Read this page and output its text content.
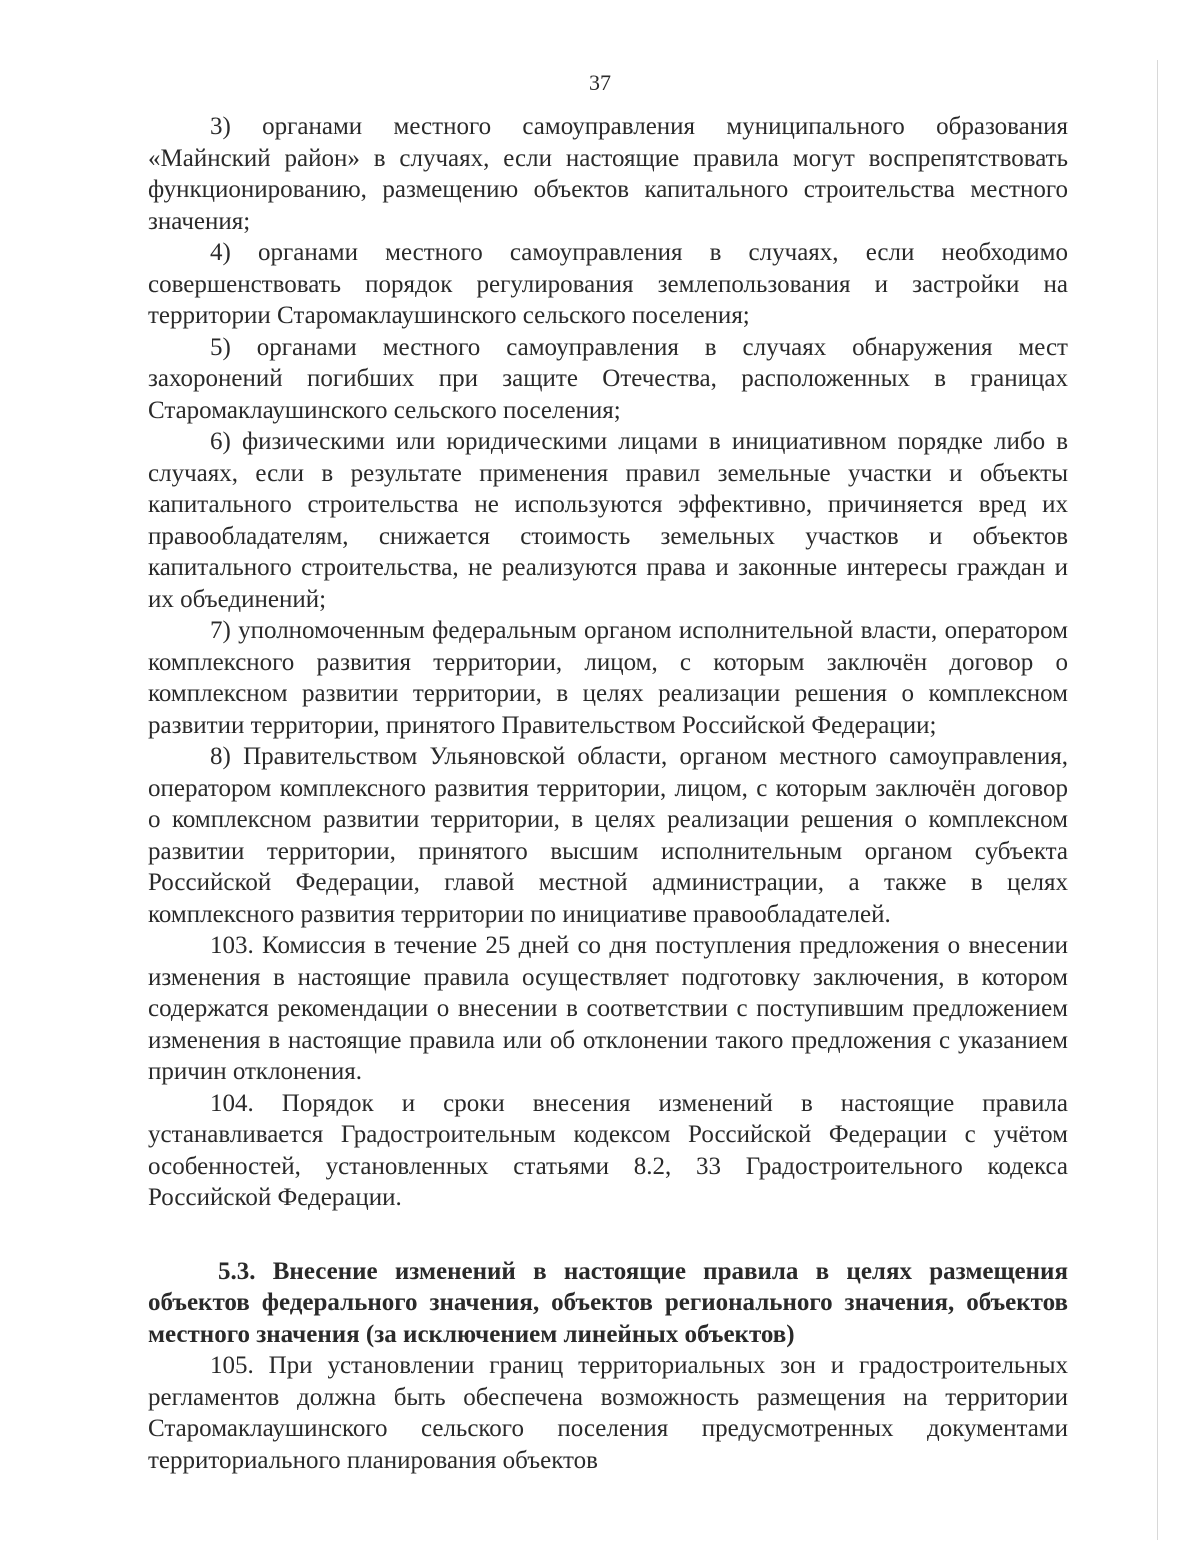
37

3) органами местного самоуправления муниципального образования «Майнский район» в случаях, если настоящие правила могут воспрепятствовать функционированию, размещению объектов капитального строительства местного значения;

4) органами местного самоуправления в случаях, если необходимо совершенствовать порядок регулирования землепользования и застройки на территории Старомаклаушинского сельского поселения;

5) органами местного самоуправления в случаях обнаружения мест захоронений погибших при защите Отечества, расположенных в границах Старомаклаушинского сельского поселения;

6) физическими или юридическими лицами в инициативном порядке либо в случаях, если в результате применения правил земельные участки и объекты капитального строительства не используются эффективно, причиняется вред их правообладателям, снижается стоимость земельных участков и объектов капитального строительства, не реализуются права и законные интересы граждан и их объединений;

7) уполномоченным федеральным органом исполнительной власти, оператором комплексного развития территории, лицом, с которым заключён договор о комплексном развитии территории, в целях реализации решения о комплексном развитии территории, принятого Правительством Российской Федерации;

8) Правительством Ульяновской области, органом местного самоуправления, оператором комплексного развития территории, лицом, с которым заключён договор о комплексном развитии территории, в целях реализации решения о комплексном развитии территории, принятого высшим исполнительным органом субъекта Российской Федерации, главой местной администрации, а также в целях комплексного развития территории по инициативе правообладателей.

103. Комиссия в течение 25 дней со дня поступления предложения о внесении изменения в настоящие правила осуществляет подготовку заключения, в котором содержатся рекомендации о внесении в соответствии с поступившим предложением изменения в настоящие правила или об отклонении такого предложения с указанием причин отклонения.

104. Порядок и сроки внесения изменений в настоящие правила устанавливается Градостроительным кодексом Российской Федерации с учётом особенностей, установленных статьями 8.2, 33 Градостроительного кодекса Российской Федерации.

5.3. Внесение изменений в настоящие правила в целях размещения объектов федерального значения, объектов регионального значения, объектов местного значения (за исключением линейных объектов)

105. При установлении границ территориальных зон и градостроительных регламентов должна быть обеспечена возможность размещения на территории Старомаклаушинского сельского поселения предусмотренных документами территориального планирования объектов
